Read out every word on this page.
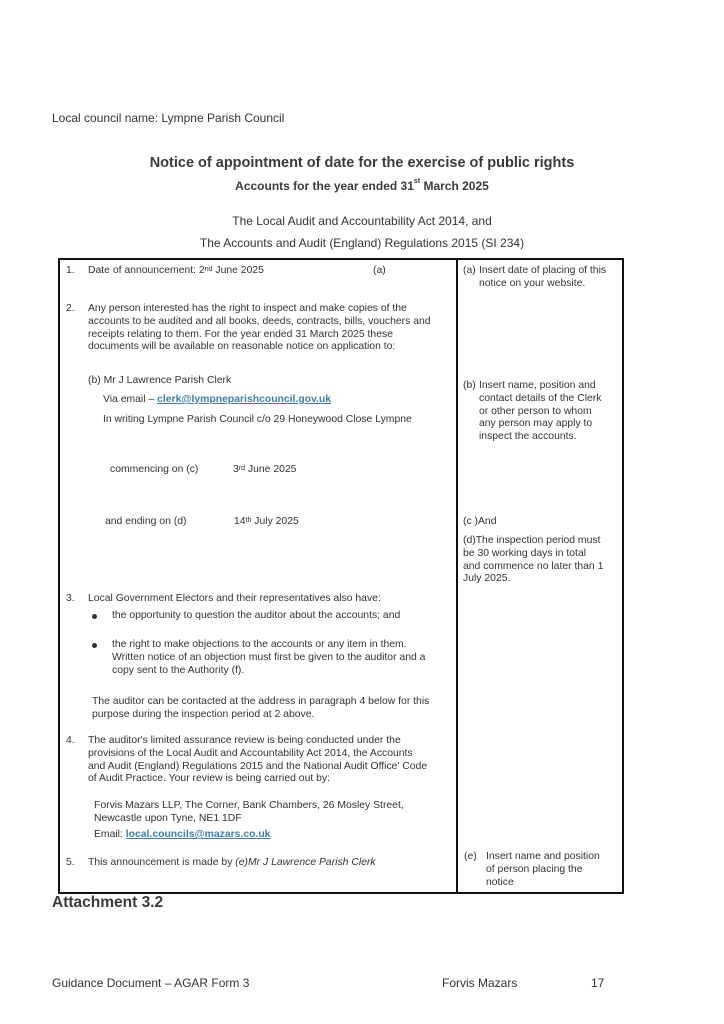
Local council name: Lympne Parish Council
Notice of appointment of date for the exercise of public rights
Accounts for the year ended 31st March 2025
The Local Audit and Accountability Act 2014, and
The Accounts and Audit (England) Regulations 2015 (SI 234)
1. Date of announcement: 2nd June 2025	(a)
2. Any person interested has the right to inspect and make copies of the
accounts to be audited and all books, deeds, contracts, bills, vouchers and
receipts relating to them. For the year ended 31 March 2025 these
documents will be available on reasonable notice on application to:
(b) Mr J Lawrence Parish Clerk
Via email – clerk@lympneparishcouncil.gov.uk
In writing Lympne Parish Council c/o 29 Honeywood Close Lympne
commencing on (c)	3rd June 2025
and ending on (d)	14th July 2025
3. Local Government Electors and their representatives also have:
the opportunity to question the auditor about the accounts; and
the right to make objections to the accounts or any item in them.
Written notice of an objection must first be given to the auditor and a
copy sent to the Authority (f).
The auditor can be contacted at the address in paragraph 4 below for this
purpose during the inspection period at 2 above.
4. The auditor's limited assurance review is being conducted under the
provisions of the Local Audit and Accountability Act 2014, the Accounts
and Audit (England) Regulations 2015 and the National Audit Office' Code
of Audit Practice. Your review is being carried out by:
Forvis Mazars LLP, The Corner, Bank Chambers, 26 Mosley Street,
Newcastle upon Tyne, NE1 1DF
Email: local.councils@mazars.co.uk
5. This announcement is made by (e)Mr J Lawrence Parish Clerk
(a) Insert date of placing of this
notice on your website.
(b) Insert name, position and
contact details of the Clerk
or other person to whom
any person may apply to
inspect the accounts.
(c )And
(d)The inspection period must
be 30 working days in total
and commence no later than 1
July 2025.
(e) Insert name and position
of person placing the
notice
Attachment 3.2
Guidance Document – AGAR Form 3	Forvis Mazars	17
